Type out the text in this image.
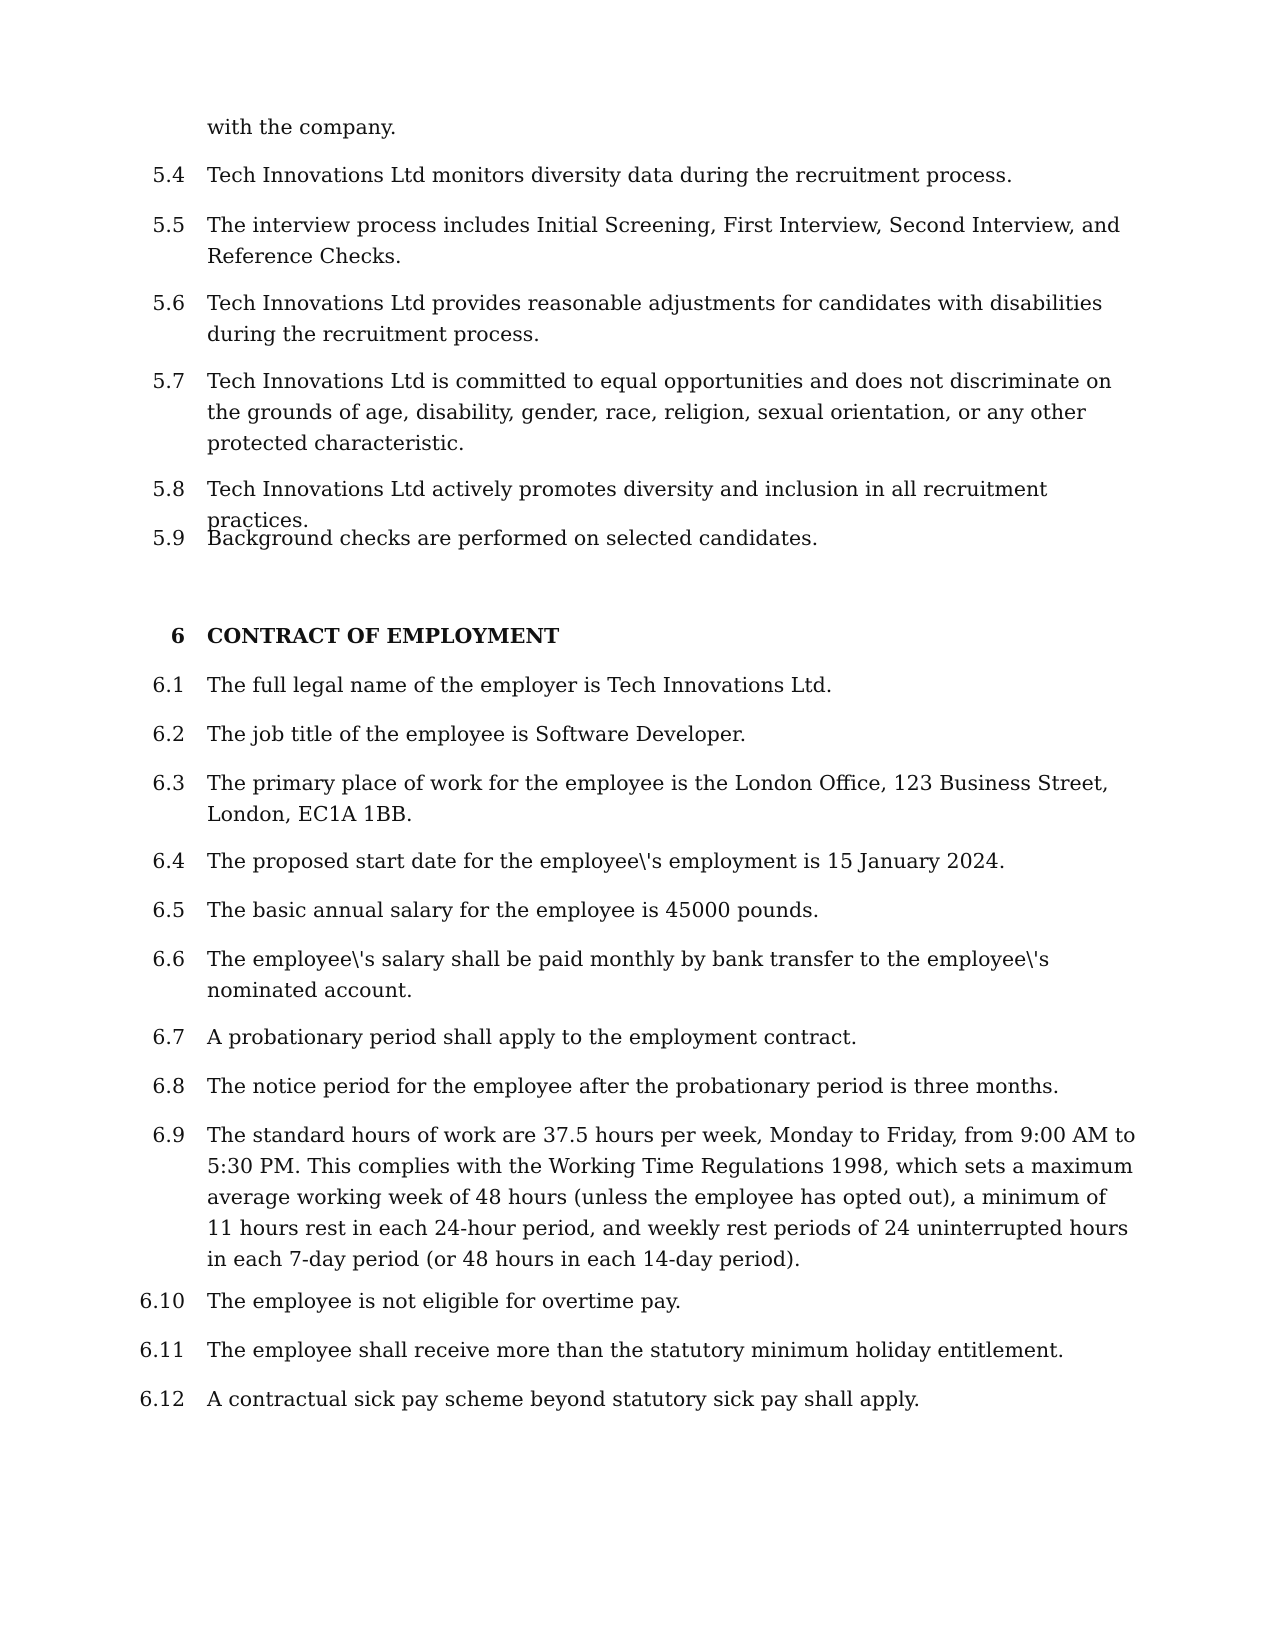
with the company.
5.4 Tech Innovations Ltd monitors diversity data during the recruitment process.
5.5 The interview process includes Initial Screening, First Interview, Second Interview, and Reference Checks.
5.6 Tech Innovations Ltd provides reasonable adjustments for candidates with disabilities during the recruitment process.
5.7 Tech Innovations Ltd is committed to equal opportunities and does not discriminate on the grounds of age, disability, gender, race, religion, sexual orientation, or any other protected characteristic.
5.8 Tech Innovations Ltd actively promotes diversity and inclusion in all recruitment practices.
5.9 Background checks are performed on selected candidates.
6 CONTRACT OF EMPLOYMENT
6.1 The full legal name of the employer is Tech Innovations Ltd.
6.2 The job title of the employee is Software Developer.
6.3 The primary place of work for the employee is the London Office, 123 Business Street, London, EC1A 1BB.
6.4 The proposed start date for the employee\'s employment is 15 January 2024.
6.5 The basic annual salary for the employee is 45000 pounds.
6.6 The employee\'s salary shall be paid monthly by bank transfer to the employee\'s nominated account.
6.7 A probationary period shall apply to the employment contract.
6.8 The notice period for the employee after the probationary period is three months.
6.9 The standard hours of work are 37.5 hours per week, Monday to Friday, from 9:00 AM to 5:30 PM. This complies with the Working Time Regulations 1998, which sets a maximum average working week of 48 hours (unless the employee has opted out), a minimum of 11 hours rest in each 24-hour period, and weekly rest periods of 24 uninterrupted hours in each 7-day period (or 48 hours in each 14-day period).
6.10 The employee is not eligible for overtime pay.
6.11 The employee shall receive more than the statutory minimum holiday entitlement.
6.12 A contractual sick pay scheme beyond statutory sick pay shall apply.
